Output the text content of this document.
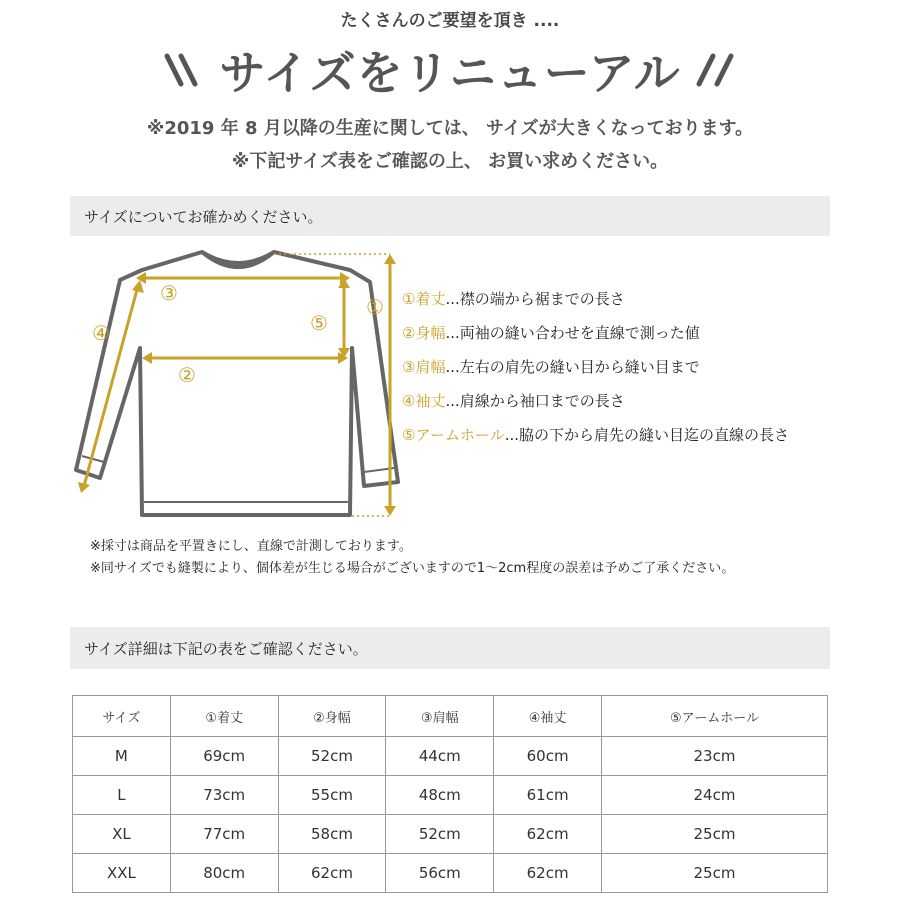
たくさんのご要望を頂き ....
サイズをリニューアル
※2019 年 8 月以降の生産に関しては、 サイズが大きくなっております。
※下記サイズ表をご確認の上、 お買い求めください。
サイズについてお確かめください。
①
②
③
④	⑤
①着丈...襟の端から裾までの長さ
②身幅...両袖の縫い合わせを直線で測った値
③肩幅...左右の肩先の縫い目から縫い目まで
④袖丈...肩線から袖口までの長さ
⑤アームホール...脇の下から肩先の縫い目迄の直線の長さ
※採寸は商品を平置きにし、直線で計測しております。
※同サイズでも縫製により、個体差が生じる場合がございますので1～2cm程度の誤差は予めご了承ください。
サイズ詳細は下記の表をご確認ください。
サイズ	①着丈	②身幅	③肩幅	④袖丈	⑤アームホール
M	69cm	52cm	44cm	60cm	23cm
L	73cm	55cm	48cm	61cm	24cm
XL	77cm	58cm	52cm	62cm	25cm
XXL	80cm	62cm	56cm	62cm	25cm
